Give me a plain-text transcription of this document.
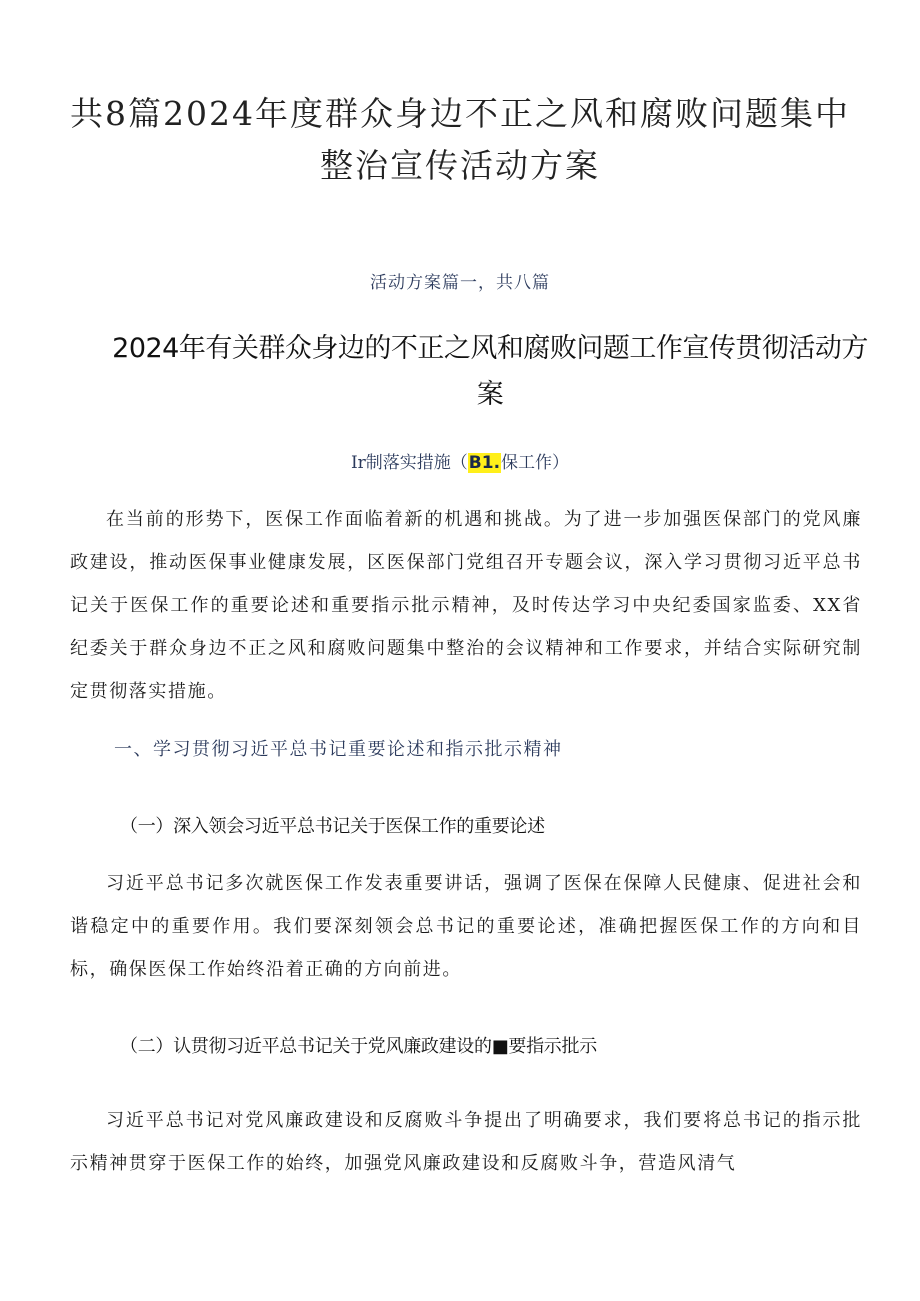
共8篇2024年度群众身边不正之风和腐败问题集中整治宣传活动方案
活动方案篇一，共八篇
2024年有关群众身边的不正之风和腐败问题工作宣传贯彻活动方案
Ir制落实措施（B1.保工作）

在当前的形势下，医保工作面临着新的机遇和挑战。为了进一步加强医保部门的党风廉政建设，推动医保事业健康发展，区医保部门党组召开专题会议，深入学习贯彻习近平总书记关于医保工作的重要论述和重要指示批示精神，及时传达学习中央纪委国家监委、XX省纪委关于群众身边不正之风和腐败问题集中整治的会议精神和工作要求，并结合实际研究制定贯彻落实措施。

一、学习贯彻习近平总书记重要论述和指示批示精神
（一）深入领会习近平总书记关于医保工作的重要论述

习近平总书记多次就医保工作发表重要讲话，强调了医保在保障人民健康、促进社会和谐稳定中的重要作用。我们要深刻领会总书记的重要论述，准确把握医保工作的方向和目标，确保医保工作始终沿着正确的方向前进。

（二）认贯彻习近平总书记关于党风廉政建设的■要指示批示

习近平总书记对党风廉政建设和反腐败斗争提出了明确要求，我们要将总书记的指示批示精神贯穿于医保工作的始终，加强党风廉政建设和反腐败斗争，营造风清气
